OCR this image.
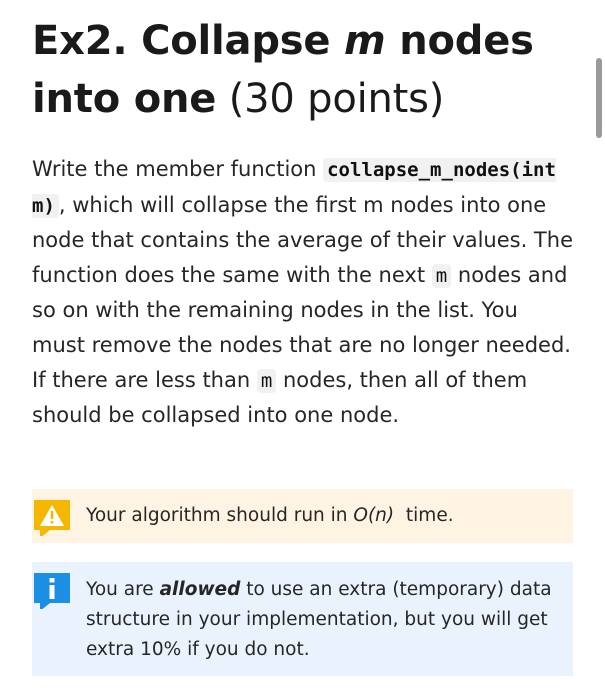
Ex2. Collapse m nodes
into one (30 points)

Write the member function collapse_m_nodes(int m) , which will collapse the first m nodes into one node that contains the average of their values. The function does the same with the next m nodes and so on with the remaining nodes in the list. You must remove the nodes that are no longer needed. If there are less than m nodes, then all of them should be collapsed into one node.

Your algorithm should run in O(n)  time.
You are allowed to use an extra (temporary) data structure in your implementation, but you will get extra 10% if you do not.
